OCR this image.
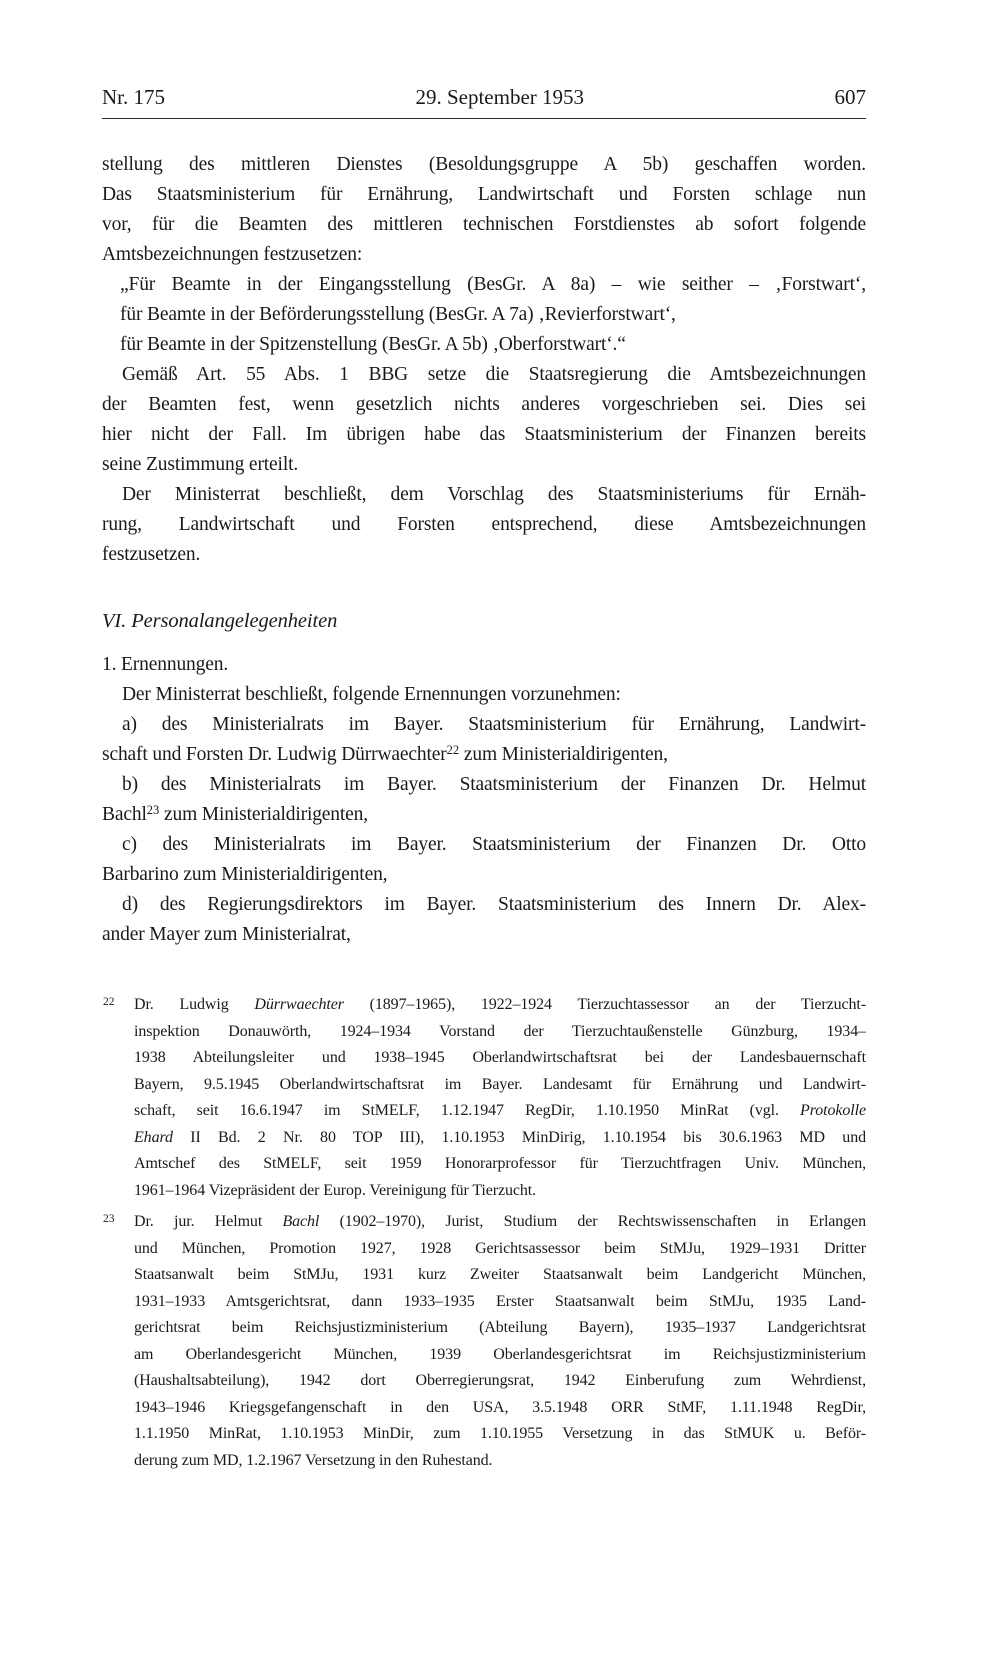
Nr. 175	29. September 1953	607
stellung des mittleren Dienstes (Besoldungsgruppe A 5b) geschaffen worden.
Das Staatsministerium für Ernährung, Landwirtschaft und Forsten schlage nun
vor, für die Beamten des mittleren technischen Forstdienstes ab sofort folgende
Amtsbezeichnungen festzusetzen:
„Für Beamte in der Eingangsstellung (BesGr. A 8a) – wie seither – ‚Forstwart‘,
für Beamte in der Beförderungsstellung (BesGr. A 7a) ‚Revierforstwart‘,
für Beamte in der Spitzenstellung (BesGr. A 5b) ‚Oberforstwart‘.“
Gemäß Art. 55 Abs. 1 BBG setze die Staatsregierung die Amtsbezeichnungen
der Beamten fest, wenn gesetzlich nichts anderes vorgeschrieben sei. Dies sei
hier nicht der Fall. Im übrigen habe das Staatsministerium der Finanzen bereits
seine Zustimmung erteilt.
Der Ministerrat beschließt, dem Vorschlag des Staatsministeriums für Ernäh-
rung, Landwirtschaft und Forsten entsprechend, diese Amtsbezeichnungen
festzusetzen.
VI. Personalangelegenheiten
1. Ernennungen.
Der Ministerrat beschließt, folgende Ernennungen vorzunehmen:
a) des Ministerialrats im Bayer. Staatsministerium für Ernährung, Landwirt-
schaft und Forsten Dr. Ludwig Dürrwaechter$^{22}$ zum Ministerialdirigenten,
b) des Ministerialrats im Bayer. Staatsministerium der Finanzen Dr. Helmut
Bachl$^{23}$ zum Ministerialdirigenten,
c) des Ministerialrats im Bayer. Staatsministerium der Finanzen Dr. Otto
Barbarino zum Ministerialdirigenten,
d) des Regierungsdirektors im Bayer. Staatsministerium des Innern Dr. Alex-
ander Mayer zum Ministerialrat,
22 Dr. Ludwig Dürrwaechter (1897–1965), 1922–1924 Tierzuchtassessor an der Tierzucht-
inspektion Donauwörth, 1924–1934 Vorstand der Tierzuchtaußenstelle Günzburg, 1934–
1938 Abteilungsleiter und 1938–1945 Oberlandwirtschaftsrat bei der Landesbauernschaft
Bayern, 9.5.1945 Oberlandwirtschaftsrat im Bayer. Landesamt für Ernährung und Landwirt-
schaft, seit 16.6.1947 im StMELF, 1.12.1947 RegDir, 1.10.1950 MinRat (vgl. Protokolle
Ehard II Bd. 2 Nr. 80 TOP III), 1.10.1953 MinDirig, 1.10.1954 bis 30.6.1963 MD und
Amtschef des StMELF, seit 1959 Honorarprofessor für Tierzuchtfragen Univ. München,
1961–1964 Vizepräsident der Europ. Vereinigung für Tierzucht.
23 Dr. jur. Helmut Bachl (1902–1970), Jurist, Studium der Rechtswissenschaften in Erlangen
und München, Promotion 1927, 1928 Gerichtsassessor beim StMJu, 1929–1931 Dritter
Staatsanwalt beim StMJu, 1931 kurz Zweiter Staatsanwalt beim Landgericht München,
1931–1933 Amtsgerichtsrat, dann 1933–1935 Erster Staatsanwalt beim StMJu, 1935 Land-
gerichtsrat beim Reichsjustizministerium (Abteilung Bayern), 1935–1937 Landgerichtsrat
am Oberlandesgericht München, 1939 Oberlandesgerichtsrat im Reichsjustizministerium
(Haushaltsabteilung), 1942 dort Oberregierungsrat, 1942 Einberufung zum Wehrdienst,
1943–1946 Kriegsgefangenschaft in den USA, 3.5.1948 ORR StMF, 1.11.1948 RegDir,
1.1.1950 MinRat, 1.10.1953 MinDir, zum 1.10.1955 Versetzung in das StMUK u. Beför-
derung zum MD, 1.2.1967 Versetzung in den Ruhestand.
